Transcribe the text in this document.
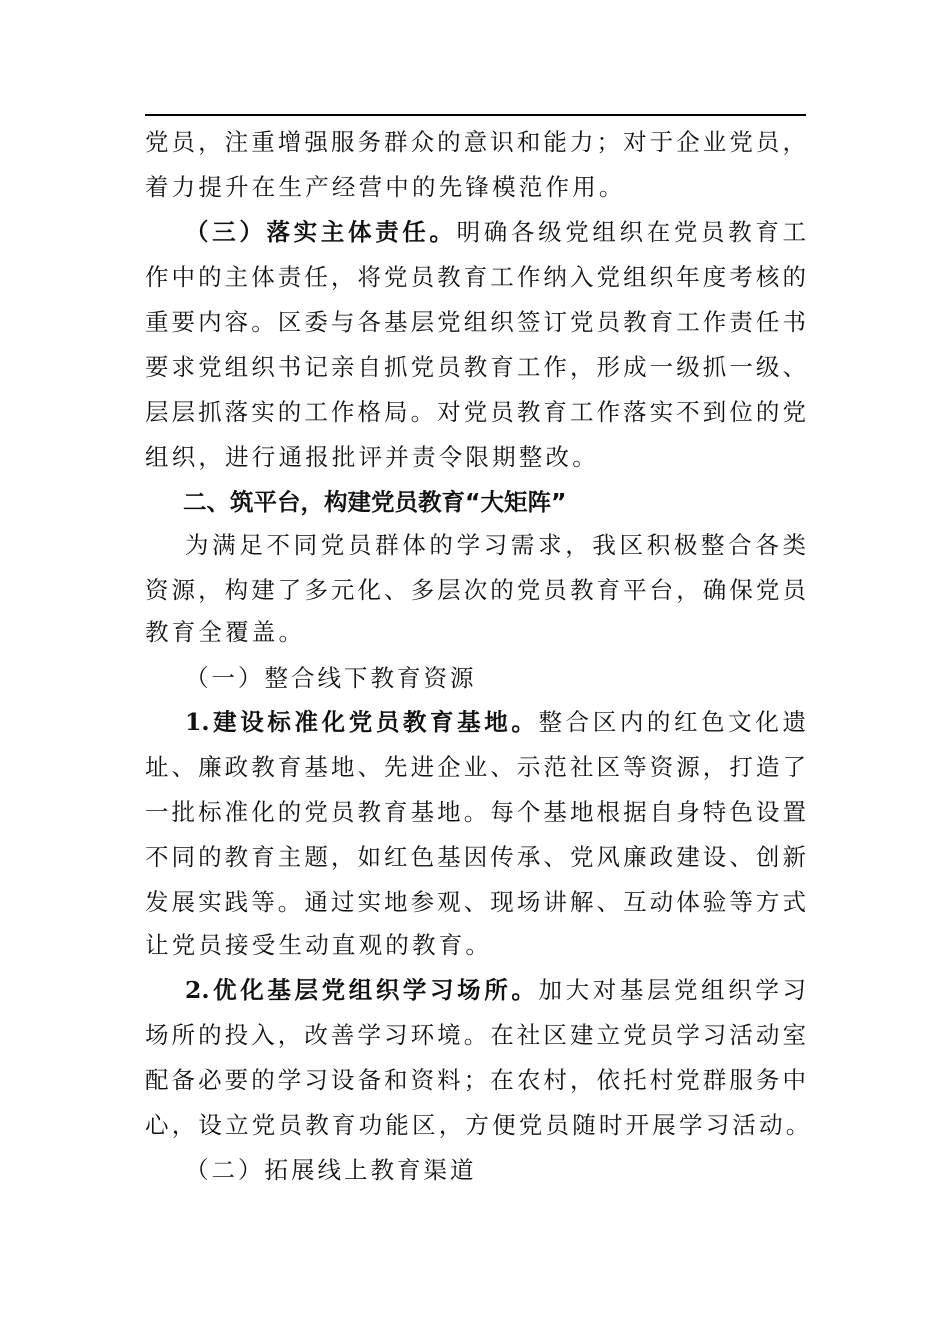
党员，注重增强服务群众的意识和能力；对于企业党员，
着力提升在生产经营中的先锋模范作用。
（三）落实主体责任。明确各级党组织在党员教育工
作中的主体责任，将党员教育工作纳入党组织年度考核的
重要内容。区委与各基层党组织签订党员教育工作责任书
要求党组织书记亲自抓党员教育工作，形成一级抓一级、
层层抓落实的工作格局。对党员教育工作落实不到位的党
组织，进行通报批评并责令限期整改。
二、筑平台，构建党员教育“大矩阵”
为满足不同党员群体的学习需求，我区积极整合各类
资源，构建了多元化、多层次的党员教育平台，确保党员
教育全覆盖。
（一）整合线下教育资源
1.建设标准化党员教育基地。整合区内的红色文化遗
址、廉政教育基地、先进企业、示范社区等资源，打造了
一批标准化的党员教育基地。每个基地根据自身特色设置
不同的教育主题，如红色基因传承、党风廉政建设、创新
发展实践等。通过实地参观、现场讲解、互动体验等方式
让党员接受生动直观的教育。
2.优化基层党组织学习场所。加大对基层党组织学习
场所的投入，改善学习环境。在社区建立党员学习活动室
配备必要的学习设备和资料；在农村，依托村党群服务中
心，设立党员教育功能区，方便党员随时开展学习活动。
（二）拓展线上教育渠道
